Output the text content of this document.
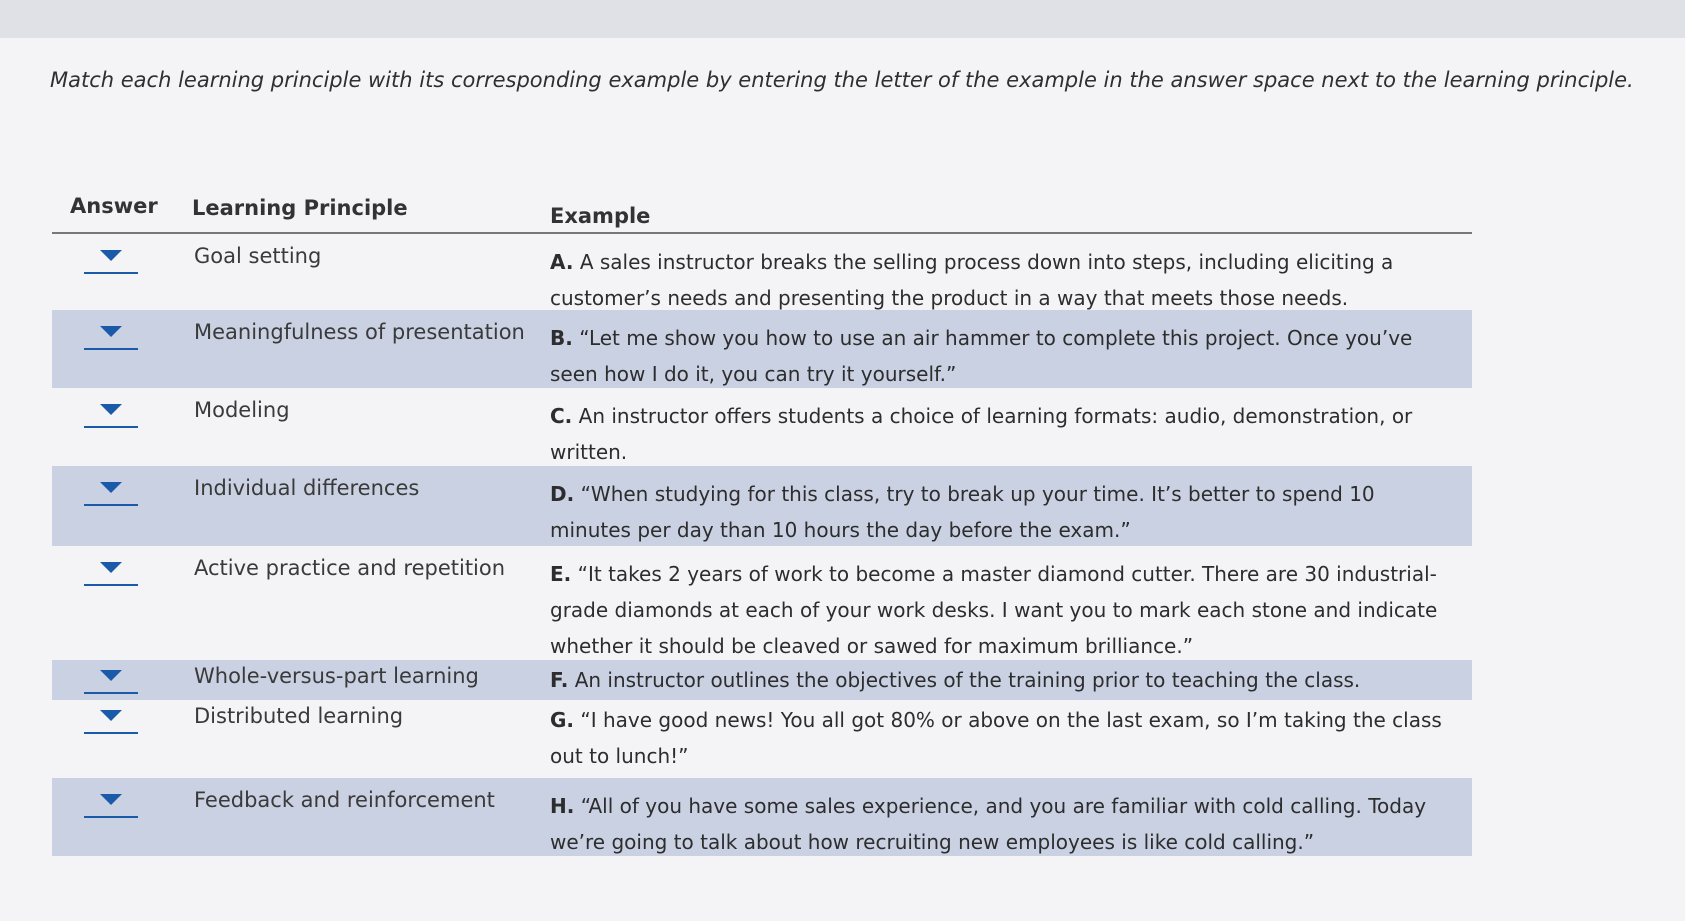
Match each learning principle with its corresponding example by entering the letter of the example in the answer space next to the learning principle.
Answer Learning Principle	Example
Goal setting	A. A sales instructor breaks the selling process down into steps, including eliciting a customer’s needs and presenting the product in a way that meets those needs.
Meaningfulness of presentation	B. “Let me show you how to use an air hammer to complete this project. Once you’ve seen how I do it, you can try it yourself.”
Modeling	C. An instructor offers students a choice of learning formats: audio, demonstration, or written.
Individual differences	D. “When studying for this class, try to break up your time. It’s better to spend 10 minutes per day than 10 hours the day before the exam.”
Active practice and repetition	E. “It takes 2 years of work to become a master diamond cutter. There are 30 industrial-grade diamonds at each of your work desks. I want you to mark each stone and indicate whether it should be cleaved or sawed for maximum brilliance.”
Whole-versus-part learning	F. An instructor outlines the objectives of the training prior to teaching the class.
Distributed learning	G. “I have good news! You all got 80% or above on the last exam, so I’m taking the class out to lunch!”
Feedback and reinforcement	H. “All of you have some sales experience, and you are familiar with cold calling. Today we’re going to talk about how recruiting new employees is like cold calling.”
